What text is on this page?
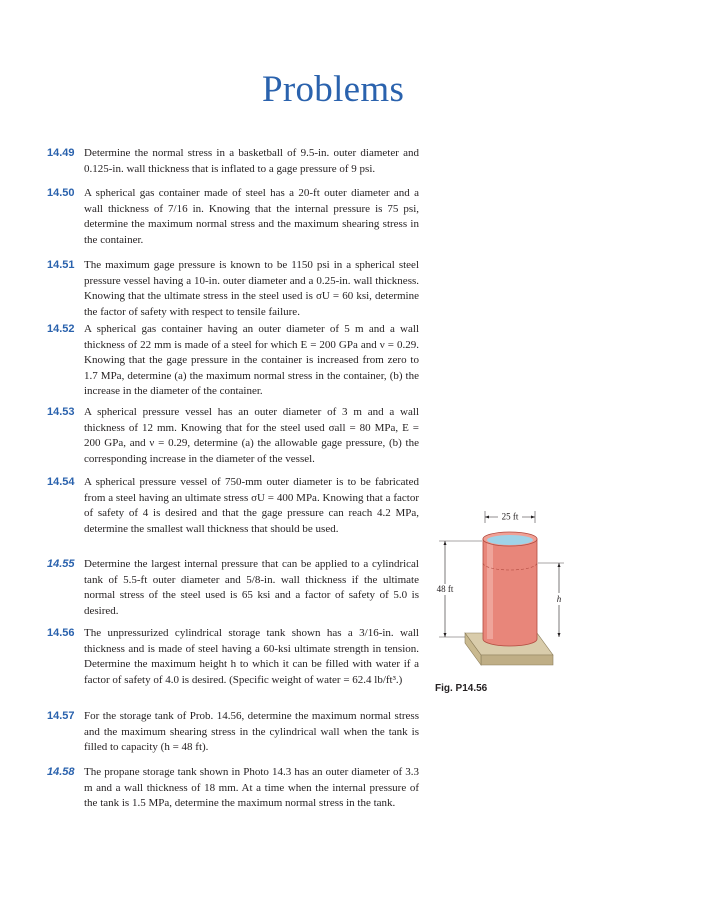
Problems
14.49 Determine the normal stress in a basketball of 9.5-in. outer diameter and 0.125-in. wall thickness that is inflated to a gage pressure of 9 psi.
14.50 A spherical gas container made of steel has a 20-ft outer diameter and a wall thickness of 7/16 in. Knowing that the internal pressure is 75 psi, determine the maximum normal stress and the maximum shearing stress in the container.
14.51 The maximum gage pressure is known to be 1150 psi in a spherical steel pressure vessel having a 10-in. outer diameter and a 0.25-in. wall thickness. Knowing that the ultimate stress in the steel used is σU = 60 ksi, determine the factor of safety with respect to tensile failure.
14.52 A spherical gas container having an outer diameter of 5 m and a wall thickness of 22 mm is made of a steel for which E = 200 GPa and ν = 0.29. Knowing that the gage pressure in the container is increased from zero to 1.7 MPa, determine (a) the maximum normal stress in the container, (b) the increase in the diameter of the container.
14.53 A spherical pressure vessel has an outer diameter of 3 m and a wall thickness of 12 mm. Knowing that for the steel used σall = 80 MPa, E = 200 GPa, and ν = 0.29, determine (a) the allowable gage pressure, (b) the corresponding increase in the diameter of the vessel.
14.54 A spherical pressure vessel of 750-mm outer diameter is to be fabricated from a steel having an ultimate stress σU = 400 MPa. Knowing that a factor of safety of 4 is desired and that the gage pressure can reach 4.2 MPa, determine the smallest wall thickness that should be used.
14.55 Determine the largest internal pressure that can be applied to a cylindrical tank of 5.5-ft outer diameter and 5/8-in. wall thickness if the ultimate normal stress of the steel used is 65 ksi and a factor of safety of 5.0 is desired.
14.56 The unpressurized cylindrical storage tank shown has a 3/16-in. wall thickness and is made of steel having a 60-ksi ultimate strength in tension. Determine the maximum height h to which it can be filled with water if a factor of safety of 4.0 is desired. (Specific weight of water = 62.4 lb/ft³.)
14.57 For the storage tank of Prob. 14.56, determine the maximum normal stress and the maximum shearing stress in the cylindrical wall when the tank is filled to capacity (h = 48 ft).
14.58 The propane storage tank shown in Photo 14.3 has an outer diameter of 3.3 m and a wall thickness of 18 mm. At a time when the internal pressure of the tank is 1.5 MPa, determine the maximum normal stress in the tank.
25 ft
48 ft
h
Fig. P14.56
